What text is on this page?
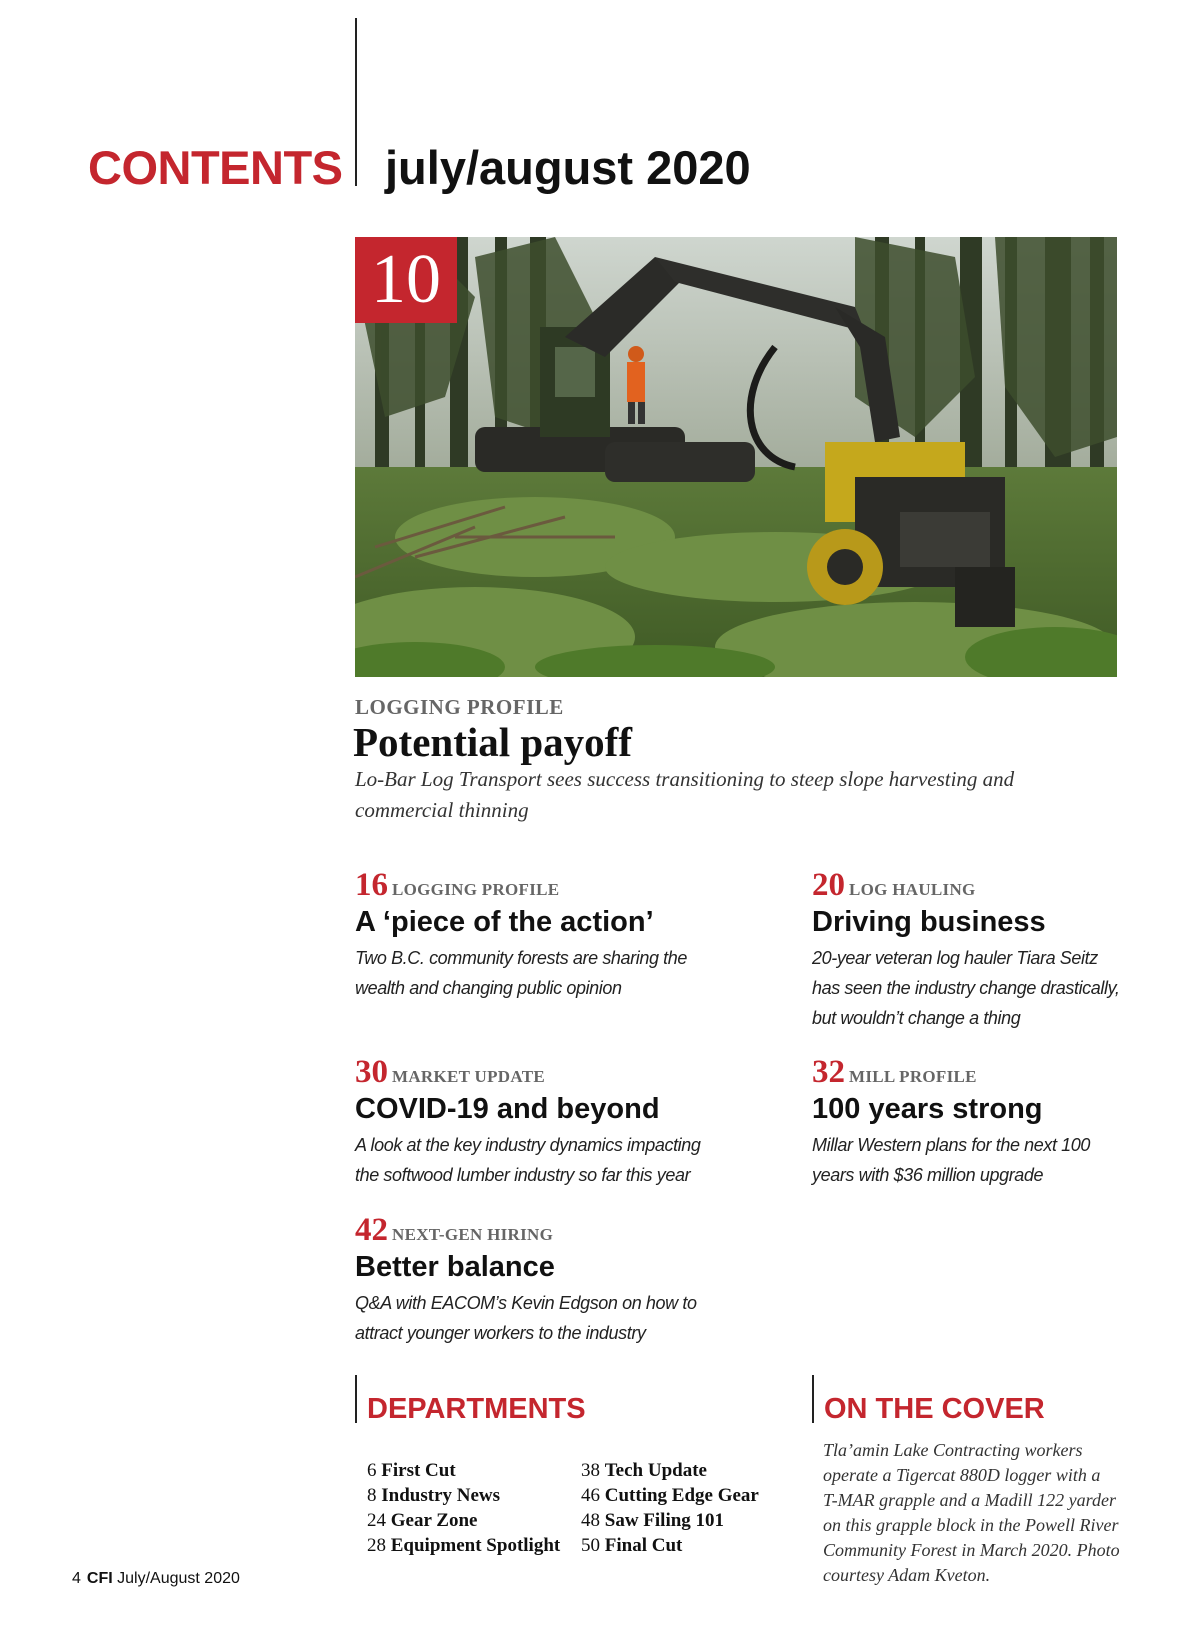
CONTENTS july/august 2020
10
LOGGING PROFILE
Potential payoff

Lo-Bar Log Transport sees success transitioning to steep slope harvesting and commercial thinning

16 LOGGING PROFILE
A ‘piece of the action’

Two B.C. community forests are sharing the
wealth and changing public opinion

20 LOG HAULING
Driving business

20-year veteran log hauler Tiara Seitz
has seen the industry change drastically,
but wouldn’t change a thing

30 MARKET UPDATE
COVID-19 and beyond

A look at the key industry dynamics impacting
the softwood lumber industry so far this year

32 MILL PROFILE
100 years strong

Millar Western plans for the next 100
years with $36 million upgrade

42 NEXT-GEN HIRING
Better balance

Q&A with EACOM’s Kevin Edgson on how to
attract younger workers to the industry

DEPARTMENTS
6 First Cut
8 Industry News
24 Gear Zone
28 Equipment Spotlight
38 Tech Update
46 Cutting Edge Gear
48 Saw Filing 101
50 Final Cut
ON THE COVER

Tla’amin Lake Contracting workers
operate a Tigercat 880D logger with a
T-MAR grapple and a Madill 122 yarder
on this grapple block in the Powell River
Community Forest in March 2020. Photo
courtesy Adam Kveton.

4 CFI July/August 2020
